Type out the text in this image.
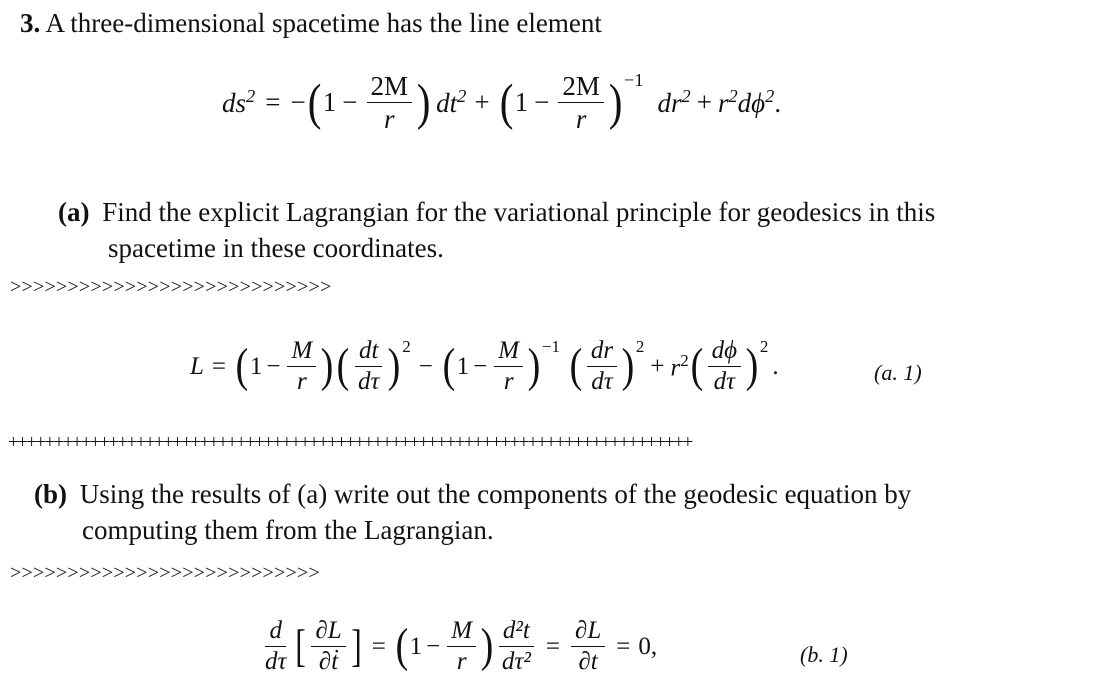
3. A three-dimensional spacetime has the line element
$ds^2$ = − ( $1 - \frac{2M}{r}$ ) $dt^2$ + ( $1 - \frac{2M}{r} )^{-1}$
$dr^2 + r^2d\phi^2$.
(a) Find the explicit Lagrangian for the variational principle for geodesics in this
spacetime in these coordinates.
>>>>>>>>>>>>>>>>>>>>>>>>>>>>
L = ( $1 - \frac{M}{r}$ ) ( $\frac{dt}{d\tau} )^2$
− ( $1 - \frac{M}{r} )^{-1}$ ( $\frac{dr}{d\tau} )^2$
+ $r^2$ ( $\frac{d\phi}{d\tau} )^2$
.	(a. 1)
+++++++++++++++++++++++++++++++++++++++++++++++++++++++++++++++++++++++++++
(b) Using the results of (a) write out the components of the geodesic equation by
computing them from the Lagrangian.
>>>>>>>>>>>>>>>>>>>>>>>>>>>
$\frac{d}{d\tau}$ [ $\frac{\partial L}{\text{∂ṫ}}$ ] = ( $1 - \frac{M}{r}$ ) $\frac{\text{d²t}}{\text{dτ²}} = \frac{\partial L}{\partial t} = 0$,	(b. 1)
